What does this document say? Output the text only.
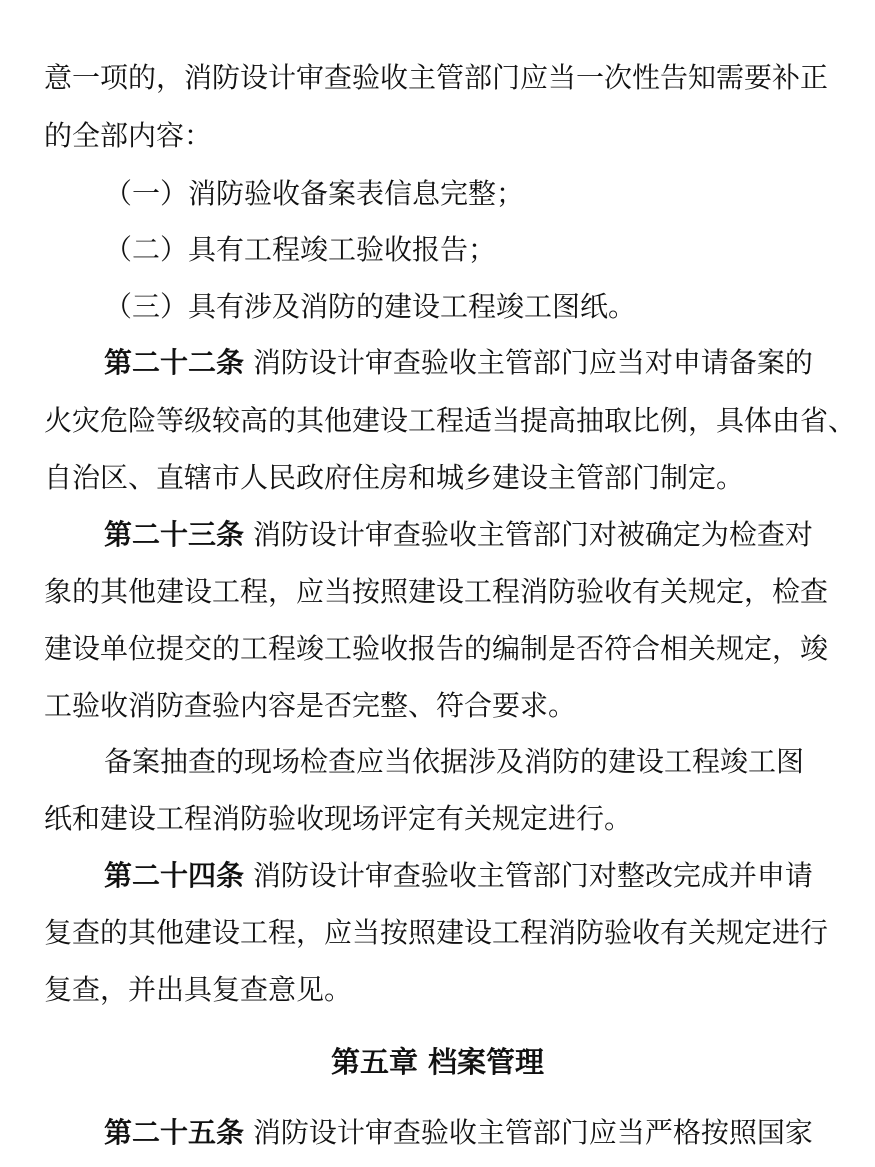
意一项的，消防设计审查验收主管部门应当一次性告知需要补正
的全部内容：
（一）消防验收备案表信息完整；
（二）具有工程竣工验收报告；
（三）具有涉及消防的建设工程竣工图纸。
第二十二条 消防设计审查验收主管部门应当对申请备案的
火灾危险等级较高的其他建设工程适当提高抽取比例，具体由省、
自治区、直辖市人民政府住房和城乡建设主管部门制定。
第二十三条 消防设计审查验收主管部门对被确定为检查对
象的其他建设工程，应当按照建设工程消防验收有关规定，检查
建设单位提交的工程竣工验收报告的编制是否符合相关规定，竣
工验收消防查验内容是否完整、符合要求。
备案抽查的现场检查应当依据涉及消防的建设工程竣工图
纸和建设工程消防验收现场评定有关规定进行。
第二十四条 消防设计审查验收主管部门对整改完成并申请
复查的其他建设工程，应当按照建设工程消防验收有关规定进行
复查，并出具复查意见。
第五章 档案管理
第二十五条 消防设计审查验收主管部门应当严格按照国家
